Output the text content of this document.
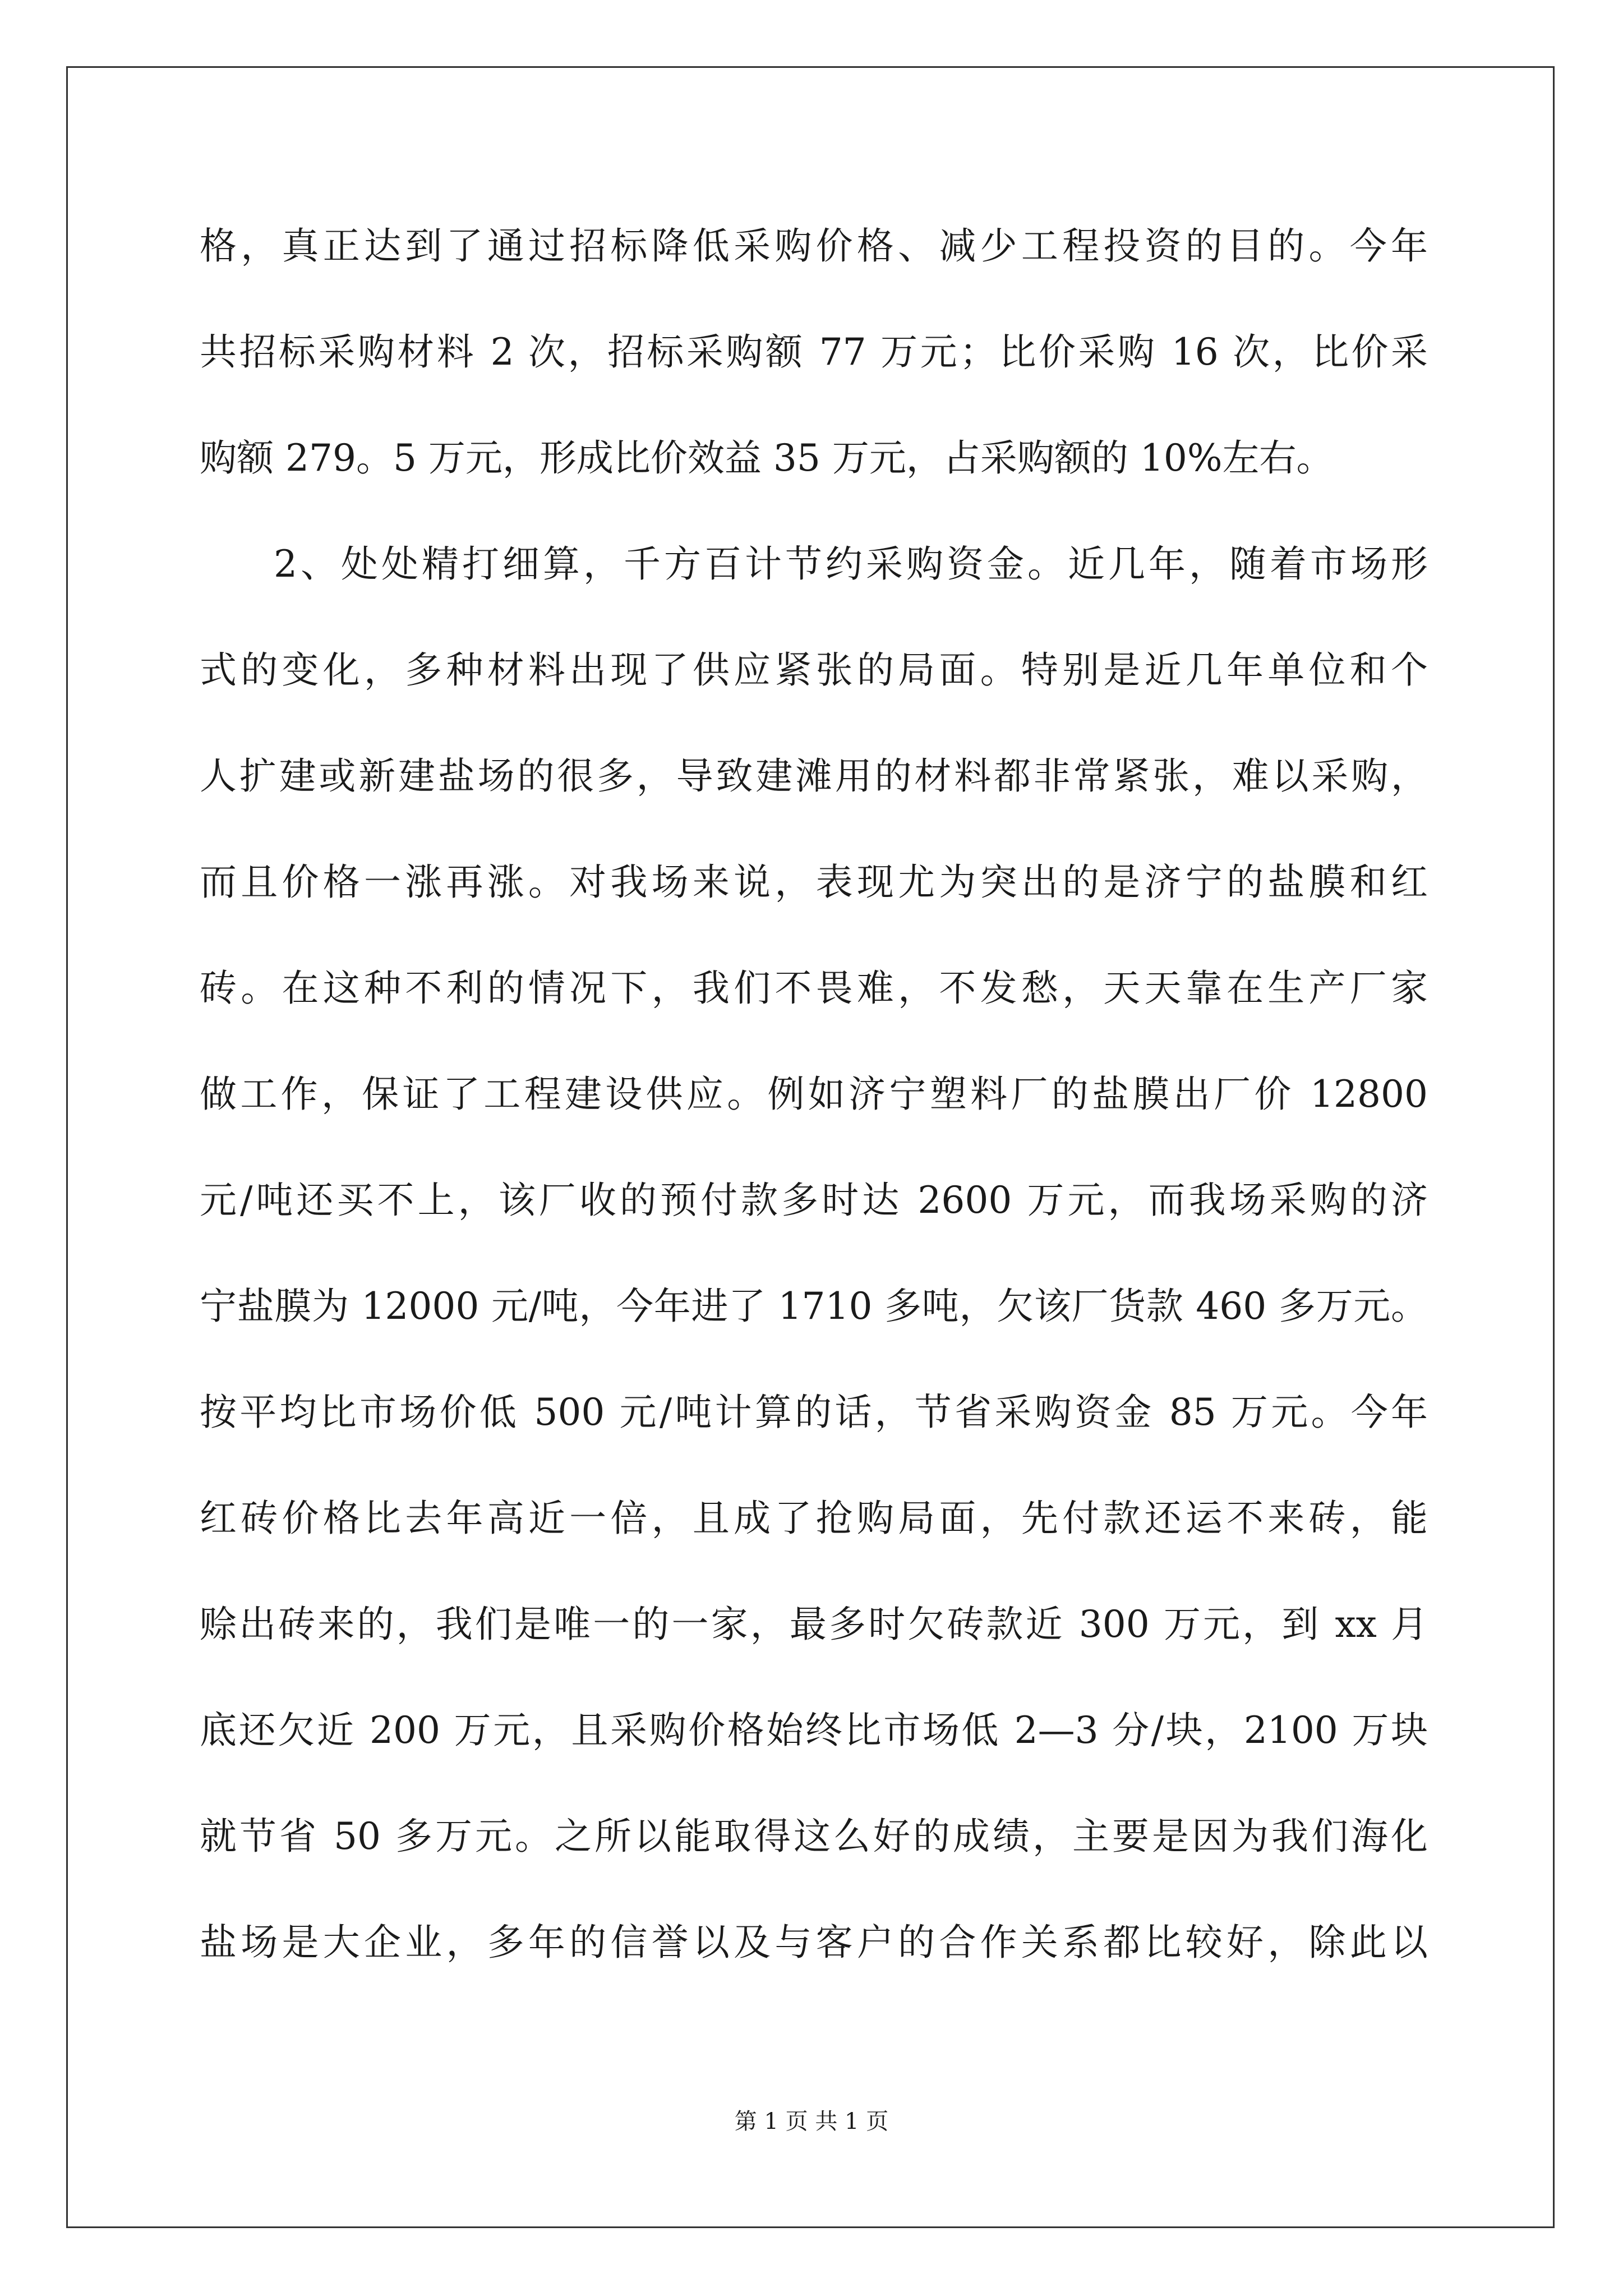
格，真正达到了通过招标降低采购价格、减少工程投资的目的。今年
共招标采购材料 2 次，招标采购额 77 万元；比价采购 16 次，比价采
购额 279。5 万元，形成比价效益 35 万元，占采购额的 10%左右。
2、处处精打细算，千方百计节约采购资金。近几年，随着市场形
式的变化，多种材料出现了供应紧张的局面。特别是近几年单位和个
人扩建或新建盐场的很多，导致建滩用的材料都非常紧张，难以采购，
而且价格一涨再涨。对我场来说，表现尤为突出的是济宁的盐膜和红
砖。在这种不利的情况下，我们不畏难，不发愁，天天靠在生产厂家
做工作，保证了工程建设供应。例如济宁塑料厂的盐膜出厂价 12800
元/吨还买不上，该厂收的预付款多时达 2600 万元，而我场采购的济
宁盐膜为 12000 元/吨，今年进了 1710 多吨，欠该厂货款 460 多万元。
按平均比市场价低 500 元/吨计算的话，节省采购资金 85 万元。今年
红砖价格比去年高近一倍，且成了抢购局面，先付款还运不来砖，能
赊出砖来的，我们是唯一的一家，最多时欠砖款近 300 万元，到 xx 月
底还欠近 200 万元，且采购价格始终比市场低 2—3 分/块，2100 万块
就节省 50 多万元。之所以能取得这么好的成绩，主要是因为我们海化
盐场是大企业，多年的信誉以及与客户的合作关系都比较好，除此以
第 1 页 共 1 页
